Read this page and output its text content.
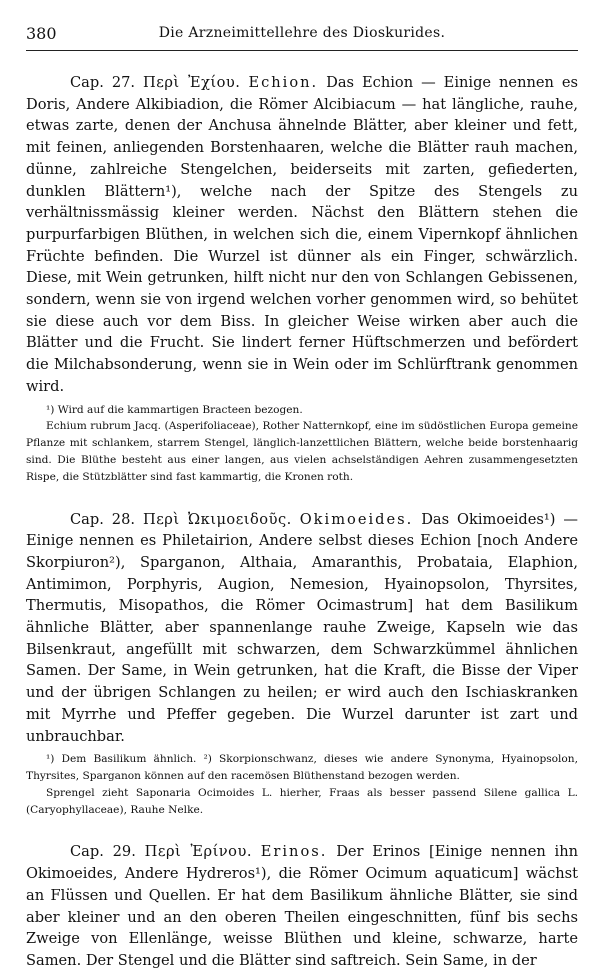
380	Die Arzneimittellehre des Dioskurides.

Cap. 27. Περὶ Ἐχίου. Echion. Das Echion — Einige nennen es Doris, Andere Alkibiadion, die Römer Alcibiacum — hat längliche, rauhe, etwas zarte, denen der Anchusa ähnelnde Blätter, aber kleiner und fett, mit feinen, anliegenden Borstenhaaren, welche die Blätter rauh machen, dünne, zahlreiche Stengelchen, beiderseits mit zarten, gefiederten, dunklen Blättern¹), welche nach der Spitze des Stengels zu verhältnissmässig kleiner werden. Nächst den Blättern stehen die purpurfarbigen Blüthen, in welchen sich die, einem Vipernkopf ähnlichen Früchte befinden. Die Wurzel ist dünner als ein Finger, schwärzlich. Diese, mit Wein getrunken, hilft nicht nur den von Schlangen Gebissenen, sondern, wenn sie von irgend welchen vorher genommen wird, so behütet sie diese auch vor dem Biss. In gleicher Weise wirken aber auch die Blätter und die Frucht. Sie lindert ferner Hüftschmerzen und befördert die Milchabsonderung, wenn sie in Wein oder im Schlürftrank genommen wird.

¹) Wird auf die kammartigen Bracteen bezogen.

Echium rubrum Jacq. (Asperifoliaceae), Rother Natternkopf, eine im südöstlichen Europa gemeine Pflanze mit schlankem, starrem Stengel, länglich-lanzettlichen Blättern, welche beide borstenhaarig sind. Die Blüthe besteht aus einer langen, aus vielen achselständigen Aehren zusammengesetzten Rispe, die Stützblätter sind fast kammartig, die Kronen roth.

Cap. 28. Περὶ Ὠκιμοειδοῦς. Okimoeides. Das Okimoeides¹) — Einige nennen es Philetairion, Andere selbst dieses Echion [noch Andere Skorpiuron²), Sparganon, Althaia, Amaranthis, Probataia, Elaphion, Antimimon, Porphyris, Augion, Nemesion, Hyainopsolon, Thyrsites, Thermutis, Misopathos, die Römer Ocimastrum] hat dem Basilikum ähnliche Blätter, aber spannenlange rauhe Zweige, Kapseln wie das Bilsenkraut, angefüllt mit schwarzen, dem Schwarzkümmel ähnlichen Samen. Der Same, in Wein getrunken, hat die Kraft, die Bisse der Viper und der übrigen Schlangen zu heilen; er wird auch den Ischiaskranken mit Myrrhe und Pfeffer gegeben. Die Wurzel darunter ist zart und unbrauchbar.

¹) Dem Basilikum ähnlich. ²) Skorpionschwanz, dieses wie andere Synonyma, Hyainopsolon, Thyrsites, Sparganon können auf den racemösen Blüthenstand bezogen werden.

Sprengel zieht Saponaria Ocimoides L. hierher, Fraas als besser passend Silene gallica L. (Caryophyllaceae), Rauhe Nelke.

Cap. 29. Περὶ Ἐρίνου. Erinos. Der Erinos [Einige nennen ihn Okimoeides, Andere Hydreros¹), die Römer Ocimum aquaticum] wächst an Flüssen und Quellen. Er hat dem Basilikum ähnliche Blätter, sie sind aber kleiner und an den oberen Theilen eingeschnitten, fünf bis sechs Zweige von Ellenlänge, weisse Blüthen und kleine, schwarze, harte Samen. Der Stengel und die Blätter sind saftreich. Sein Same, in der
